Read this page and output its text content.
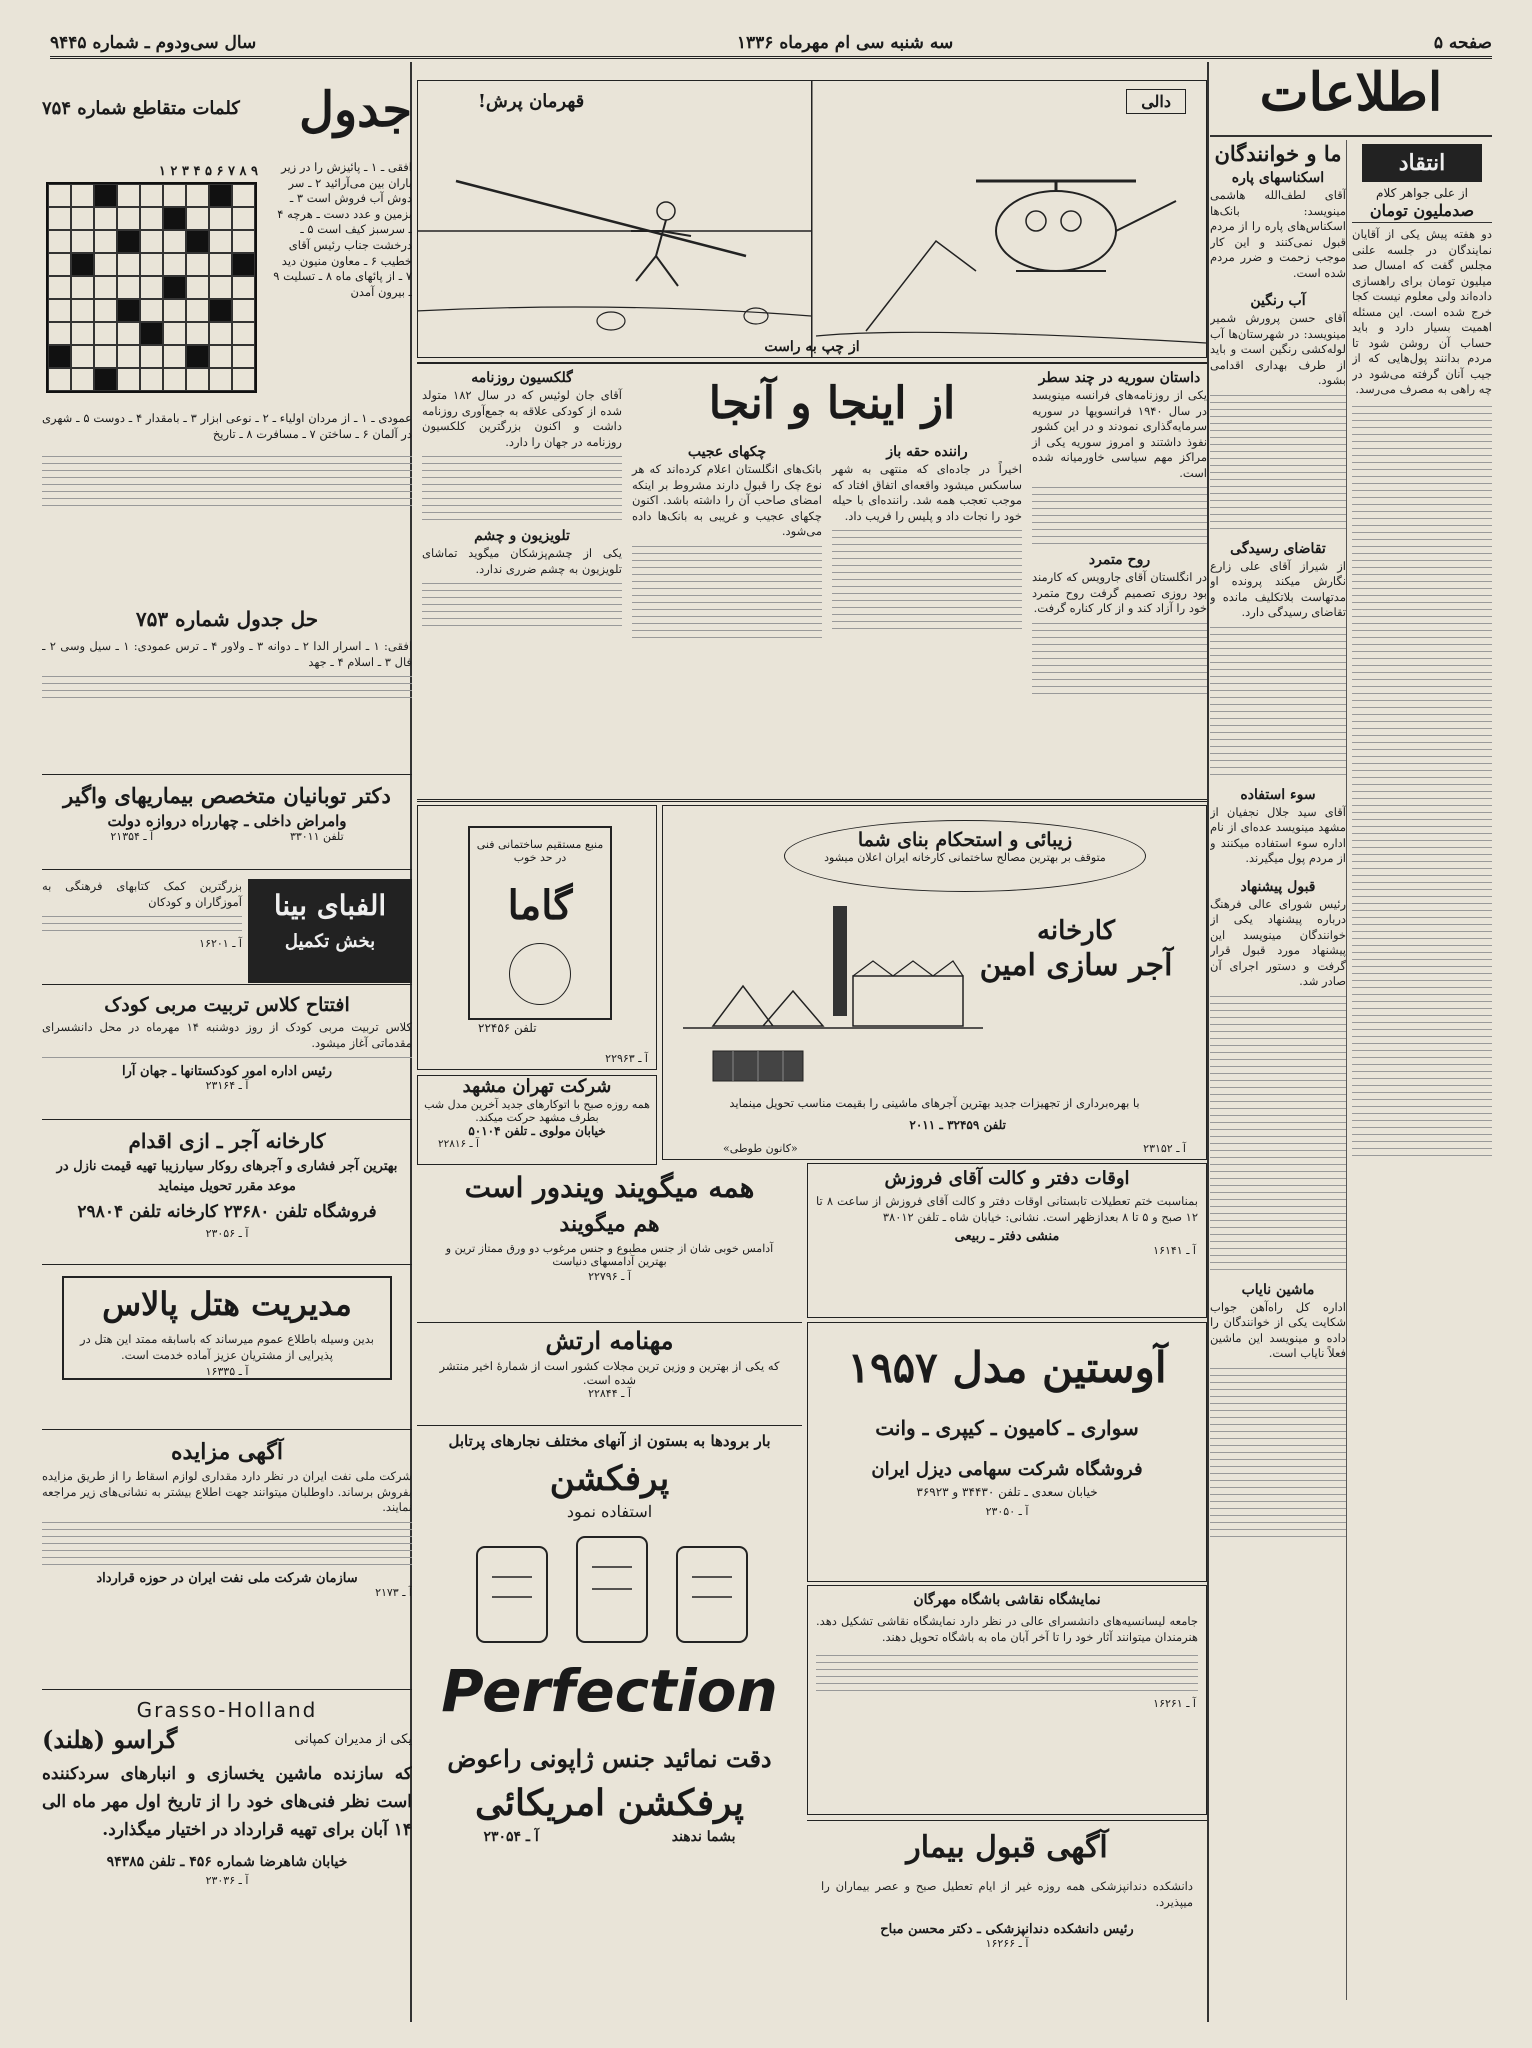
صفحه ۵
سه شنبه سی ام مهرماه ۱۳۳۶
سال سی‌ودوم ـ شماره ۹۴۴۵
اطلاعات
انتقاد
از علی جواهر کلام
صدملیون تومان
دو هفته‌ پیش یکی از آقایان نمایندگان در جلسه علنی مجلس گفت که امسال صد میلیون تومان برای راهسازی داده‌اند ولی معلوم نیست کجا خرج شده است. این مسئله اهمیت بسیار دارد و باید حساب آن روشن شود تا مردم بدانند پول‌هایی که از جیب آنان گرفته می‌شود در چه راهی به مصرف می‌رسد.
ما و خوانندگان
اسکناسهای پاره
آقای لطف‌الله هاشمی مینویسد: بانک‌ها اسکناس‌های پاره را از مردم قبول نمی‌کنند و این کار موجب زحمت و ضرر مردم شده است.
آب رنگین
آقای حسن پرورش شمیر مینویسد: در شهرستان‌ها آب لوله‌کشی رنگین است و باید از طرف بهداری اقدامی بشود.
تقاضای رسیدگی
از شیراز آقای علی زارع نگارش میکند پرونده او مدتهاست بلاتکلیف مانده و تقاضای رسیدگی دارد.
سوء استفاده
آقای سید جلال نجفیان از مشهد مینویسد عده‌ای از نام اداره سوء استفاده میکنند و از مردم پول میگیرند.
قبول پیشنهاد
رئیس شورای عالی فرهنگ درباره پیشنهاد یکی از خوانندگان مینویسد این پیشنهاد مورد قبول قرار گرفت و دستور اجرای آن صادر شد.
ماشین نایاب
اداره کل راه‌آهن جواب شکایت یکی از خوانندگان را داده و مینویسد این ماشین فعلاً نایاب است.
دالی
قهرمان پرش!
از چپ به راست
داستان سوریه در چند سطر
یکی از روزنامه‌های فرانسه مینویسد در سال ۱۹۴۰ فرانسویها در سوریه سرمایه‌گذاری نمودند و در این کشور نفوذ داشتند و امروز سوریه یکی از مراکز مهم سیاسی خاورمیانه شده است.
روح متمرد
در انگلستان آقای جارویس که کارمند بود روزی تصمیم گرفت روح متمرد خود را آزاد کند و از کار کناره گرفت.
از اینجا و آنجا
راننده حقه باز
اخیراً در جاده‌ای که منتهی به شهر ساسکس میشود واقعه‌ای اتفاق افتاد که موجب تعجب همه شد. راننده‌ای با حیله خود را نجات داد و پلیس را فریب داد.
چکهای عجیب
بانک‌های انگلستان اعلام کرده‌اند که هر نوع چک را قبول دارند مشروط بر اینکه امضای صاحب آن را داشته باشد. اکنون چکهای عجیب و غریبی به بانک‌ها داده می‌شود.
گلکسیون روزنامه
آقای جان لوئیس که در سال ۱۸۲ متولد شده از کودکی علاقه به جمع‌آوری روزنامه داشت و اکنون بزرگترین کلکسیون روزنامه در جهان را دارد.
تلویزیون و چشم
یکی از چشم‌پزشکان میگوید تماشای تلویزیون به چشم ضرری ندارد.
زیبائی و استحکام بنای شما
متوقف بر بهترین مصالح ساختمانی کارخانه ایران اعلان میشود
کارخانه
آجر سازی امین
با بهره‌برداری از تجهیزات جدید بهترین آجرهای ماشینی را بقیمت مناسب تحویل مینماید
تلفن ۳۲۴۵۹ ـ ۲۰۱۱
«کانون طوطی»	آ ـ ۲۳۱۵۲
منبع مستقیم ساختمانی فنی در حد خوب
گاما
تلفن ۲۲۴۵۶
آ ـ ۲۲۹۶۳
شرکت تهران مشهد
همه روزه صبح با اتوکارهای جدید آخرین مدل شب بطرف مشهد حرکت میکند.
خیابان مولوی ـ تلفن ۵۰۱۰۴
آ ـ ۲۲۸۱۶
اوقات دفتر و کالت آقای فروزش
بمناسبت ختم تعطیلات تابستانی اوقات دفتر و کالت آقای فروزش از ساعت ۸ تا ۱۲ صبح و ۵ تا ۸ بعدازظهر است. نشانی: خیابان شاه ـ تلفن ۳۸۰۱۲
منشی دفتر ـ ربیعی
آ ـ ۱۶۱۴۱
همه میگویند ویندور است
هم میگویند
آدامس خوبی شان از جنس مطبوع و جنس مرغوب دو ورق ممتاز ترین و بهترین آدامسهای دنیاست
آ ـ ۲۲۷۹۶
مهنامه ارتش
که یکی از بهترین و وزین ترین مجلات کشور است از شمارهٔ اخیر منتشر شده است.
آ ـ ۲۲۸۴۴
آوستین مدل ۱۹۵۷
سواری ـ کامیون ـ کیپری ـ وانت
فروشگاه شرکت سهامی دیزل ایران
خیابان سعدی ـ تلفن ۳۴۴۳۰ و ۳۶۹۲۳
آ ـ ۲۳۰۵۰
بار برودها به بستون از آنهای مختلف نجارهای پرتابل
پرفکشن
استفاده نمود
Perfection
دقت نمائید جنس ژاپونی راعوض
پرفکشن امریکائی
بشما ندهند
آ ـ ۲۳۰۵۴
نمایشگاه نقاشی باشگاه مهرگان
جامعه لیسانسیه‌های دانشسرای عالی در نظر دارد نمایشگاه نقاشی تشکیل دهد. هنرمندان میتوانند آثار خود را تا آخر آبان ماه به باشگاه تحویل دهند.
آ ـ ۱۶۲۶۱
آگهی قبول بیمار
دانشکده دندانپزشکی همه روزه غیر از ایام تعطیل صبح و عصر بیماران را میپذیرد.
رئیس دانشکده دندانپزشکی ـ دکتر محسن مباح
آ ـ ۱۶۲۶۶
جدول
کلمات متقاطع شماره ۷۵۴
۹ ۸ ۷ ۶ ۵ ۴ ۳ ۲ ۱	افقی ـ ۱ ـ پائیزش را در زیر باران بین می‌آرائید ۲ ـ سر دوش آب فروش است ۳ ـ بزمین و عدد دست ـ هرچه ۴ ـ سرسبز کیف است ۵ ـ درخشت جناب رئیس آقای خطیب ۶ ـ معاون منیون دید ۷ ـ از پائهای ماه ۸ ـ تسلیت ۹ ـ بیرون آمدن
عمودی ـ ۱ ـ از مردان اولیاء ـ ۲ ـ نوعی ابزار ۳ ـ بامقدار ۴ ـ دوست ۵ ـ شهری در آلمان ۶ ـ ساختن ۷ ـ مسافرت ۸ ـ تاریخ
حل جدول شماره ۷۵۳
افقی: ۱ ـ اسرار الدا ۲ ـ دوانه ۳ ـ ولاور ۴ ـ ترس عمودی: ۱ ـ سیل وسی ۲ ـ فال ۳ ـ اسلام ۴ ـ جهد
دکتر توبانیان متخصص بیماریهای واگیر
وامراض داخلی ـ چهارراه دروازه دولت
تلفن ۳۳۰۱۱
آ ـ ۲۱۳۵۴
الفبای بینا
بخش تکمیل
بزرگترین کمک کتابهای فرهنگی به آموزگاران و کودکان
آ ـ ۱۶۲۰۱
افتتاح کلاس تربیت مربی کودک
کلاس تربیت مربی کودک از روز دوشنبه ۱۴ مهرماه در محل دانشسرای مقدماتی آغاز میشود.
رئیس اداره امور کودکستانها ـ جهان آرا
آ ـ ۲۳۱۶۴
کارخانه آجر ـ ازی اقدام
بهترین آجر فشاری و آجرهای روکار سیارزیبا تهیه قیمت نازل در موعد مقرر تحویل مینماید
فروشگاه تلفن ۲۳۶۸۰ کارخانه تلفن ۲۹۸۰۴
آ ـ ۲۳۰۵۶
مدیریت هتل پالاس
بدین وسیله باطلاع عموم میرساند که باسابقه ممتد این هتل در پذیرایی از مشتریان عزیز آماده خدمت است.
آ ـ ۱۶۳۳۵
آگهی مزایده
شرکت ملی نفت ایران در نظر دارد مقداری لوازم اسقاط را از طریق مزایده بفروش برساند. داوطلبان میتوانند جهت اطلاع بیشتر به نشانی‌های زیر مراجعه نمایند.
سازمان شرکت ملی نفت ایران در حوزه قرارداد
آ ـ ۲۱۷۳
Grasso-Holland
یکی از مدیران کمپانی
گراسو (هلند)
که سازنده ماشین یخسازی و انبارهای سردکننده است نظر فنی‌های خود را از تاریخ اول مهر ماه الی ۱۴ آبان برای تهیه قرارداد در اختیار میگذارد.
خیابان شاهرضا شماره ۴۵۶ ـ تلفن ۹۴۳۸۵
آ ـ ۲۳۰۳۶
